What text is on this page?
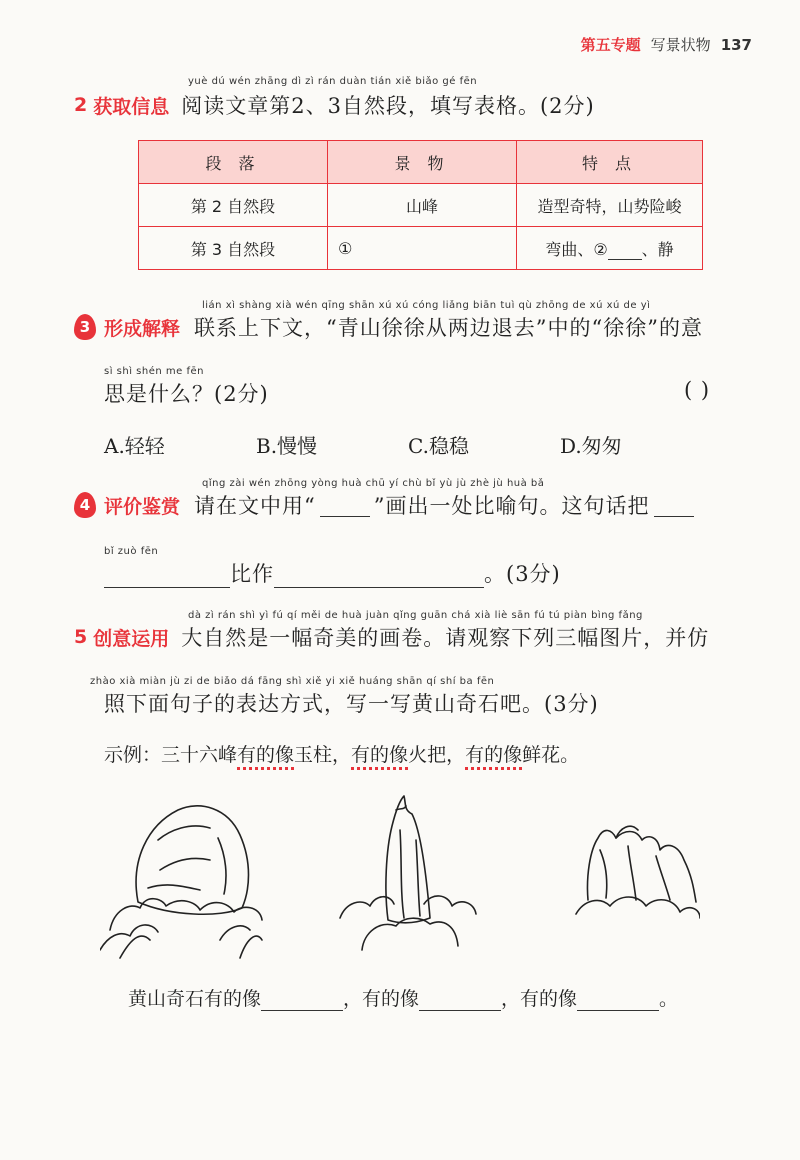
第五专题 写景状物 137
yuè dú wén zhāng dì zì rán duàn tián xiě biǎo gé fēn
2 获取信息 阅读文章第2、3自然段，填写表格。(2分)
段 落	景 物	特 点
第 2 自然段	山峰	造型奇特，山势险峻
第 3 自然段	①	弯曲、② 、静
lián xì shàng xià wén qīng shān xú xú cóng liǎng biān tuì qù zhōng de xú xú de yì
3 形成解释 联系上下文，“青山徐徐从两边退去”中的“徐徐”的意
sì shì shén me fēn
思是什么？(2分)	( )
A.轻轻	B.慢慢	C.稳稳	D.匆匆
qǐng zài wén zhōng yòng huà chū yí chù bǐ yù jù zhè jù huà bǎ
4 评价鉴赏 请在文中用“	”画出一处比喻句。这句话把
bǐ zuò fēn
比作	。(3分)
dà zì rán shì yì fú qí měi de huà juàn qǐng guān chá xià liè sān fú tú piàn bìng fǎng
5 创意运用 大自然是一幅奇美的画卷。请观察下列三幅图片，并仿
zhào xià miàn jù zi de biǎo dá fāng shì xiě yi xiě huáng shān qí shí ba fēn
照下面句子的表达方式，写一写黄山奇石吧。(3分)
示例：三十六峰有的像玉柱，有的像火把，有的像鲜花。
黄山奇石有的像	，有的像	，有的像	。
